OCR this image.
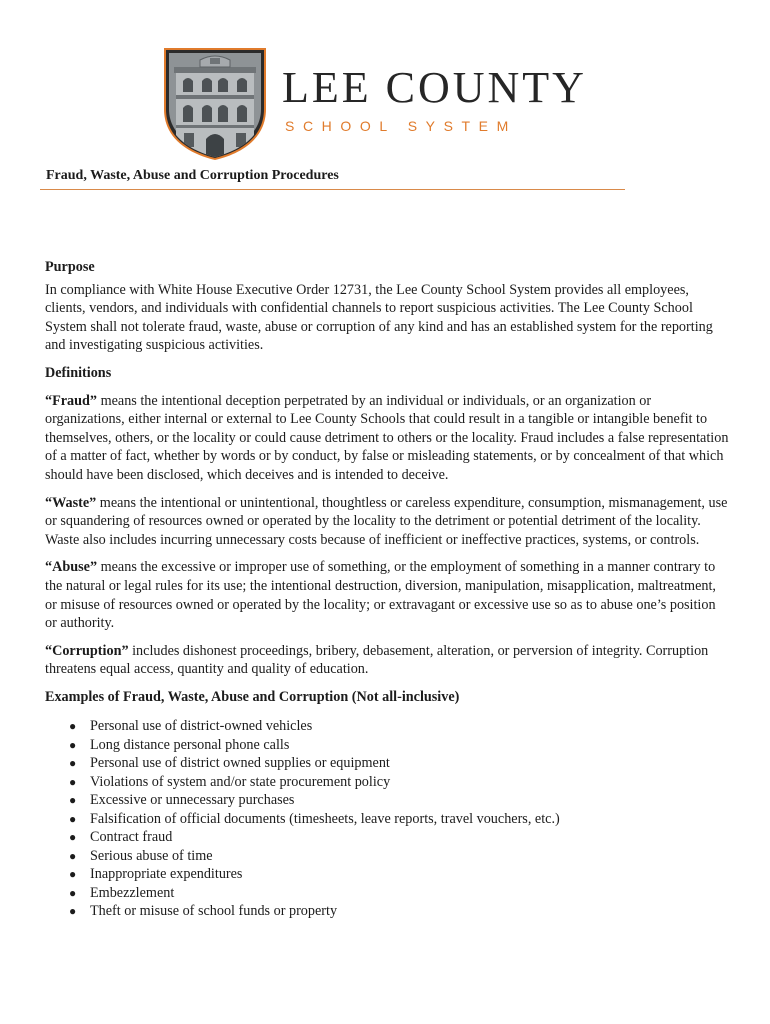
LEE COUNTY
SCHOOL SYSTEM
Fraud, Waste, Abuse and Corruption Procedures

Purpose

In compliance with White House Executive Order 12731, the Lee County School System provides all employees, clients, vendors, and individuals with confidential channels to report suspicious activities. The Lee County School System shall not tolerate fraud, waste, abuse or corruption of any kind and has an established system for the reporting and investigating suspicious activities.

Definitions

“Fraud” means the intentional deception perpetrated by an individual or individuals, or an organization or organizations, either internal or external to Lee County Schools that could result in a tangible or intangible benefit to themselves, others, or the locality or could cause detriment to others or the locality. Fraud includes a false representation of a matter of fact, whether by words or by conduct, by false or misleading statements, or by concealment of that which should have been disclosed, which deceives and is intended to deceive.

“Waste” means the intentional or unintentional, thoughtless or careless expenditure, consumption, mismanagement, use or squandering of resources owned or operated by the locality to the detriment or potential detriment of the locality. Waste also includes incurring unnecessary costs because of inefficient or ineffective practices, systems, or controls.

“Abuse” means the excessive or improper use of something, or the employment of something in a manner contrary to the natural or legal rules for its use; the intentional destruction, diversion, manipulation, misapplication, maltreatment, or misuse of resources owned or operated by the locality; or extravagant or excessive use so as to abuse one’s position or authority.

“Corruption” includes dishonest proceedings, bribery, debasement, alteration, or perversion of integrity. Corruption threatens equal access, quantity and quality of education.

Examples of Fraud, Waste, Abuse and Corruption (Not all-inclusive)

● Personal use of district-owned vehicles
● Long distance personal phone calls
● Personal use of district owned supplies or equipment
● Violations of system and/or state procurement policy
● Excessive or unnecessary purchases
● Falsification of official documents (timesheets, leave reports, travel vouchers, etc.)
● Contract fraud
● Serious abuse of time
● Inappropriate expenditures
● Embezzlement
● Theft or misuse of school funds or property
